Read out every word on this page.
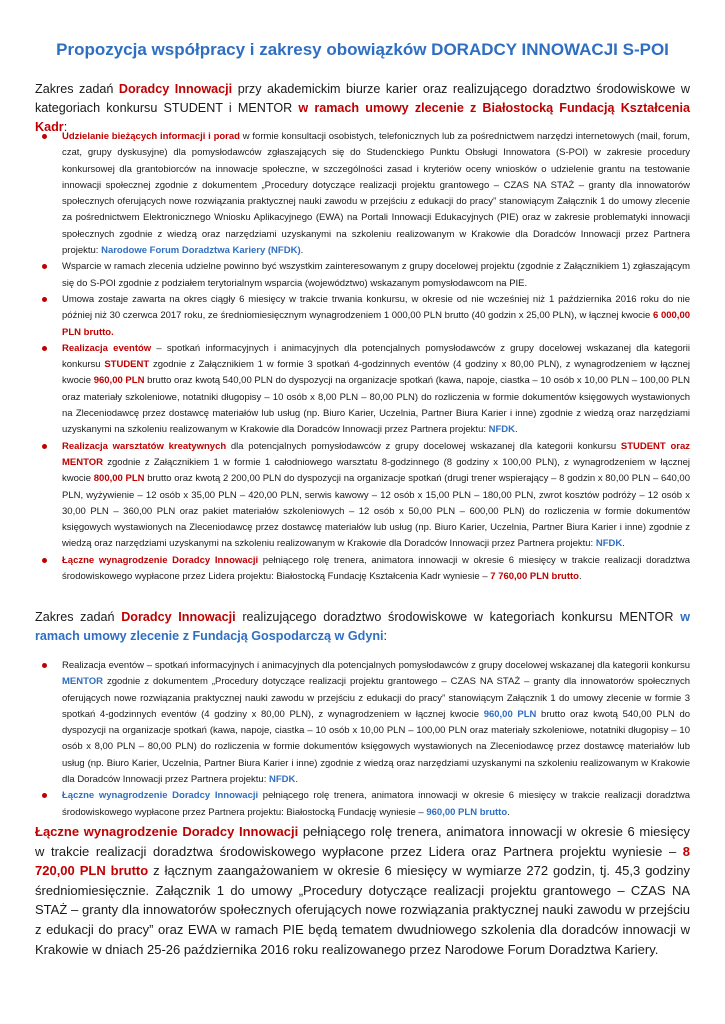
Propozycja współpracy i zakresy obowiązków DORADCY INNOWACJI S-POI

Zakres zadań Doradcy Innowacji przy akademickim biurze karier oraz realizującego doradztwo środowiskowe w kategoriach konkursu STUDENT i MENTOR w ramach umowy zlecenie z Białostocką Fundacją Kształcenia Kadr:

Udzielanie bieżących informacji i porad w formie konsultacji osobistych, telefonicznych lub za pośrednictwem narzędzi internetowych (mail, forum, czat, grupy dyskusyjne) dla pomysłodawców zgłaszających się do Studenckiego Punktu Obsługi Innowatora (S-POI) w zakresie procedury konkursowej dla grantobiorców na innowacje społeczne, w szczególności zasad i kryteriów oceny wniosków o udzielenie grantu na testowanie innowacji społecznej zgodnie z dokumentem „Procedury dotyczące realizacji projektu grantowego – CZAS NA STAŻ – granty dla innowatorów społecznych oferujących nowe rozwiązania praktycznej nauki zawodu w przejściu z edukacji do pracy” stanowiącym Załącznik 1 do umowy zlecenie za pośrednictwem Elektronicznego Wniosku Aplikacyjnego (EWA) na Portali Innowacji Edukacyjnych (PIE) oraz w zakresie problematyki innowacji społecznych zgodnie z wiedzą oraz narzędziami uzyskanymi na szkoleniu realizowanym w Krakowie dla Doradców Innowacji przez Partnera projektu: Narodowe Forum Doradztwa Kariery (NFDK).
Wsparcie w ramach zlecenia udzielne powinno być wszystkim zainteresowanym z grupy docelowej projektu (zgodnie z Załącznikiem 1) zgłaszającym się do S-POI zgodnie z podziałem terytorialnym wsparcia (województwo) wskazanym pomysłodawcom na PIE.
Umowa zostaje zawarta na okres ciągły 6 miesięcy w trakcie trwania konkursu, w okresie od nie wcześniej niż 1 października 2016 roku do nie później niż 30 czerwca 2017 roku, ze średniomiesięcznym wynagrodzeniem 1 000,00 PLN brutto (40 godzin x 25,00 PLN), w łącznej kwocie 6 000,00 PLN brutto.
Realizacja eventów – spotkań informacyjnych i animacyjnych dla potencjalnych pomysłodawców z grupy docelowej wskazanej dla kategorii konkursu STUDENT zgodnie z Załącznikiem 1 w formie 3 spotkań 4-godzinnych eventów (4 godziny x 80,00 PLN), z wynagrodzeniem w łącznej kwocie 960,00 PLN brutto oraz kwotą 540,00 PLN do dyspozycji na organizacje spotkań (kawa, napoje, ciastka – 10 osób x 10,00 PLN – 100,00 PLN oraz materiały szkoleniowe, notatniki długopisy – 10 osób x 8,00 PLN – 80,00 PLN) do rozliczenia w formie dokumentów księgowych wystawionych na Zleceniodawcę przez dostawcę materiałów lub usług (np. Biuro Karier, Uczelnia, Partner Biura Karier i inne) zgodnie z wiedzą oraz narzędziami uzyskanymi na szkoleniu realizowanym w Krakowie dla Doradców Innowacji przez Partnera projektu: NFDK.
Realizacja warsztatów kreatywnych dla potencjalnych pomysłodawców z grupy docelowej wskazanej dla kategorii konkursu STUDENT oraz MENTOR zgodnie z Załącznikiem 1 w formie 1 całodniowego warsztatu 8-godzinnego (8 godziny x 100,00 PLN), z wynagrodzeniem w łącznej kwocie 800,00 PLN brutto oraz kwotą 2 200,00 PLN do dyspozycji na organizacje spotkań (drugi trener wspierający – 8 godzin x 80,00 PLN – 640,00 PLN, wyżywienie – 12 osób x 35,00 PLN – 420,00 PLN, serwis kawowy – 12 osób x 15,00 PLN – 180,00 PLN, zwrot kosztów podróży – 12 osób x 30,00 PLN – 360,00 PLN oraz pakiet materiałów szkoleniowych – 12 osób x 50,00 PLN – 600,00 PLN) do rozliczenia w formie dokumentów księgowych wystawionych na Zleceniodawcę przez dostawcę materiałów lub usług (np. Biuro Karier, Uczelnia, Partner Biura Karier i inne) zgodnie z wiedzą oraz narzędziami uzyskanymi na szkoleniu realizowanym w Krakowie dla Doradców Innowacji przez Partnera projektu: NFDK.
Łączne wynagrodzenie Doradcy Innowacji pełniącego rolę trenera, animatora innowacji w okresie 6 miesięcy w trakcie realizacji doradztwa środowiskowego wypłacone przez Lidera projektu: Białostocką Fundację Kształcenia Kadr wyniesie – 7 760,00 PLN brutto.

Zakres zadań Doradcy Innowacji realizującego doradztwo środowiskowe w kategoriach konkursu MENTOR w ramach umowy zlecenie z Fundacją Gospodarczą w Gdyni:

Realizacja eventów – spotkań informacyjnych i animacyjnych dla potencjalnych pomysłodawców z grupy docelowej wskazanej dla kategorii konkursu MENTOR zgodnie z dokumentem „Procedury dotyczące realizacji projektu grantowego – CZAS NA STAŻ – granty dla innowatorów społecznych oferujących nowe rozwiązania praktycznej nauki zawodu w przejściu z edukacji do pracy” stanowiącym Załącznik 1 do umowy zlecenie w formie 3 spotkań 4-godzinnych eventów (4 godziny x 80,00 PLN), z wynagrodzeniem w łącznej kwocie 960,00 PLN brutto oraz kwotą 540,00 PLN do dyspozycji na organizacje spotkań (kawa, napoje, ciastka – 10 osób x 10,00 PLN – 100,00 PLN oraz materiały szkoleniowe, notatniki długopisy – 10 osób x 8,00 PLN – 80,00 PLN) do rozliczenia w formie dokumentów księgowych wystawionych na Zleceniodawcę przez dostawcę materiałów lub usług (np. Biuro Karier, Uczelnia, Partner Biura Karier i inne) zgodnie z wiedzą oraz narzędziami uzyskanymi na szkoleniu realizowanym w Krakowie dla Doradców Innowacji przez Partnera projektu: NFDK.
Łączne wynagrodzenie Doradcy Innowacji pełniącego rolę trenera, animatora innowacji w okresie 6 miesięcy w trakcie realizacji doradztwa środowiskowego wypłacone przez Partnera projektu: Białostocką Fundację wyniesie – 960,00 PLN brutto.

Łączne wynagrodzenie Doradcy Innowacji pełniącego rolę trenera, animatora innowacji w okresie 6 miesięcy w trakcie realizacji doradztwa środowiskowego wypłacone przez Lidera oraz Partnera projektu wyniesie – 8 720,00 PLN brutto z łącznym zaangażowaniem w okresie 6 miesięcy w wymiarze 272 godzin, tj. 45,3 godziny średniomiesięcznie. Załącznik 1 do umowy „Procedury dotyczące realizacji projektu grantowego – CZAS NA STAŻ – granty dla innowatorów społecznych oferujących nowe rozwiązania praktycznej nauki zawodu w przejściu z edukacji do pracy” oraz EWA w ramach PIE będą tematem dwudniowego szkolenia dla doradców innowacji w Krakowie w dniach 25-26 października 2016 roku realizowanego przez Narodowe Forum Doradztwa Kariery.
